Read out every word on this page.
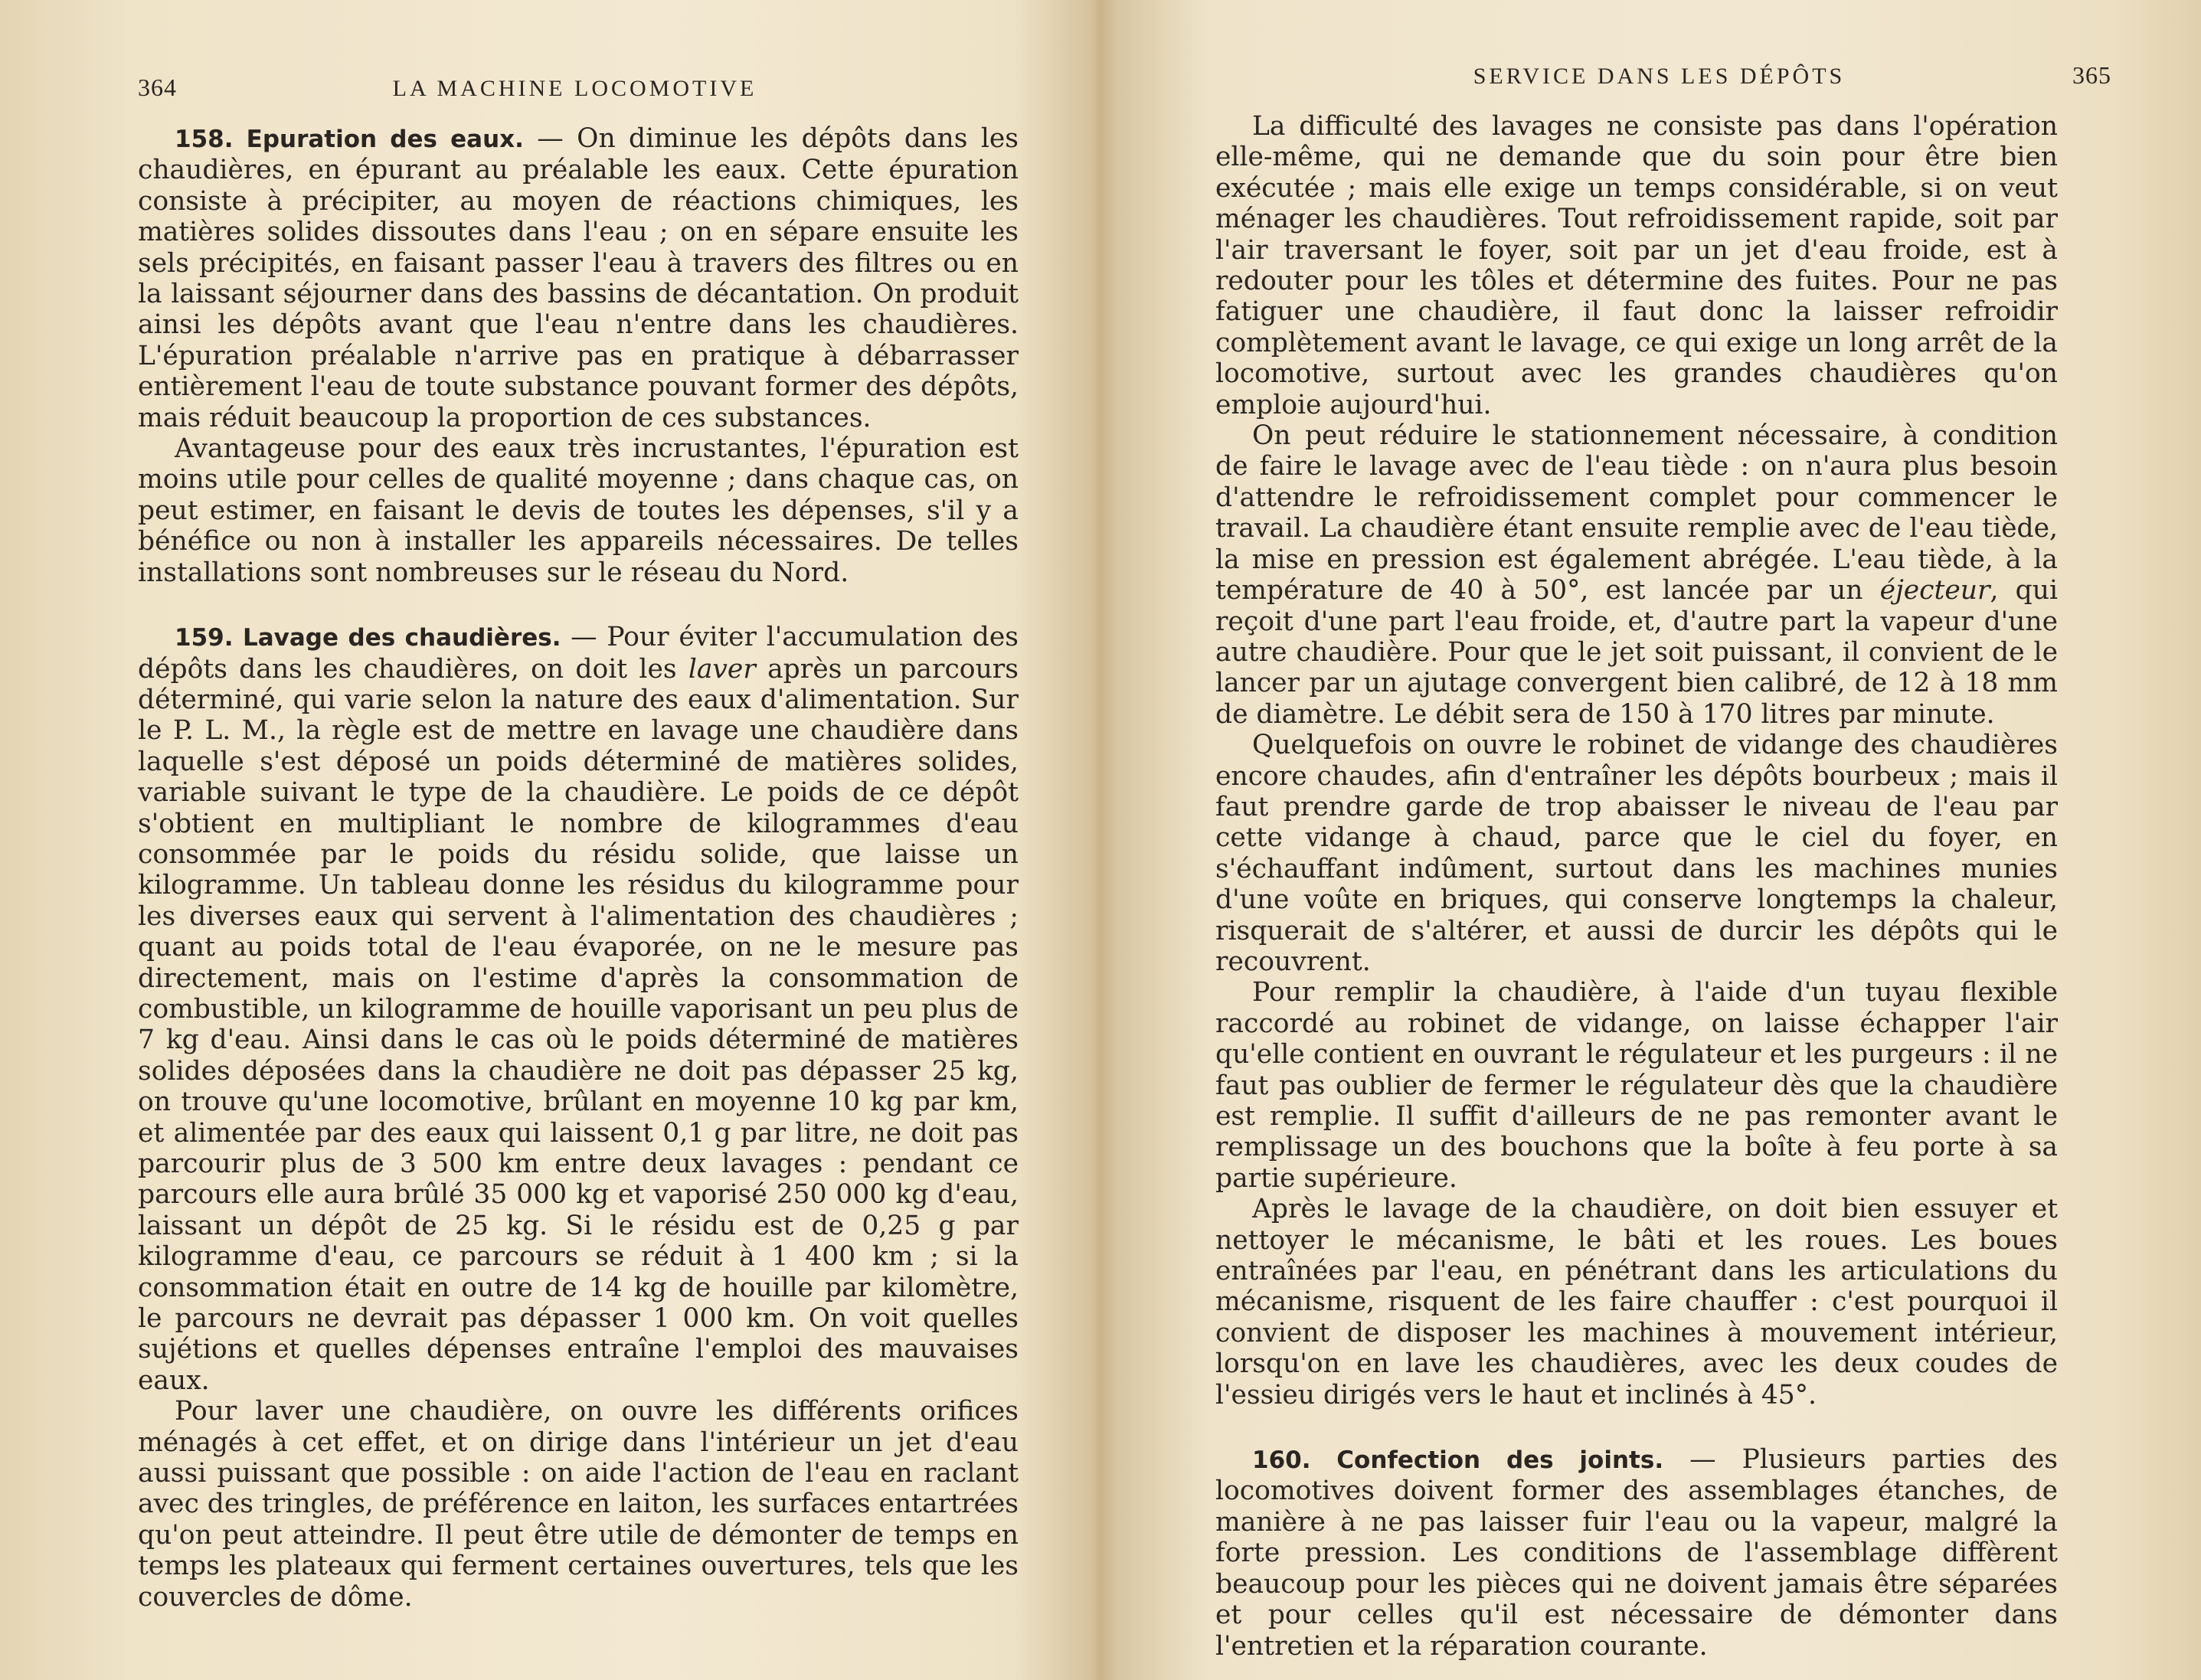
364	LA MACHINE LOCOMOTIVE

158. Epuration des eaux. — On diminue les dépôts dans les chaudières, en épurant au préalable les eaux. Cette épuration consiste à précipiter, au moyen de réactions chimiques, les matières solides dissoutes dans l'eau ; on en sépare ensuite les sels précipités, en faisant passer l'eau à travers des filtres ou en la laissant séjourner dans des bassins de décantation. On produit ainsi les dépôts avant que l'eau n'entre dans les chaudières. L'épuration préalable n'arrive pas en pratique à débarrasser entièrement l'eau de toute substance pouvant former des dépôts, mais réduit beaucoup la proportion de ces substances.

Avantageuse pour des eaux très incrustantes, l'épuration est moins utile pour celles de qualité moyenne ; dans chaque cas, on peut estimer, en faisant le devis de toutes les dépenses, s'il y a bénéfice ou non à installer les appareils nécessaires. De telles installations sont nombreuses sur le réseau du Nord.

159. Lavage des chaudières. — Pour éviter l'accumulation des dépôts dans les chaudières, on doit les laver après un parcours déterminé, qui varie selon la nature des eaux d'alimentation. Sur le P. L. M., la règle est de mettre en lavage une chaudière dans laquelle s'est déposé un poids déterminé de matières solides, variable suivant le type de la chaudière. Le poids de ce dépôt s'obtient en multipliant le nombre de kilogrammes d'eau consommée par le poids du résidu solide, que laisse un kilogramme. Un tableau donne les résidus du kilogramme pour les diverses eaux qui servent à l'alimentation des chaudières ; quant au poids total de l'eau évaporée, on ne le mesure pas directement, mais on l'estime d'après la consommation de combustible, un kilogramme de houille vaporisant un peu plus de 7 kg d'eau. Ainsi dans le cas où le poids déterminé de matières solides déposées dans la chaudière ne doit pas dépasser 25 kg, on trouve qu'une locomotive, brûlant en moyenne 10 kg par km, et alimentée par des eaux qui laissent 0,1 g par litre, ne doit pas parcourir plus de 3 500 km entre deux lavages : pendant ce parcours elle aura brûlé 35 000 kg et vaporisé 250 000 kg d'eau, laissant un dépôt de 25 kg. Si le résidu est de 0,25 g par kilogramme d'eau, ce parcours se réduit à 1 400 km ; si la consommation était en outre de 14 kg de houille par kilomètre, le parcours ne devrait pas dépasser 1 000 km. On voit quelles sujétions et quelles dépenses entraîne l'emploi des mauvaises eaux.

Pour laver une chaudière, on ouvre les différents orifices ménagés à cet effet, et on dirige dans l'intérieur un jet d'eau aussi puissant que possible : on aide l'action de l'eau en raclant avec des tringles, de préférence en laiton, les surfaces entartrées qu'on peut atteindre. Il peut être utile de démonter de temps en temps les plateaux qui ferment certaines ouvertures, tels que les couvercles de dôme.

SERVICE DANS LES DÉPÔTS	365

La difficulté des lavages ne consiste pas dans l'opération elle-même, qui ne demande que du soin pour être bien exécutée ; mais elle exige un temps considérable, si on veut ménager les chaudières. Tout refroidissement rapide, soit par l'air traversant le foyer, soit par un jet d'eau froide, est à redouter pour les tôles et détermine des fuites. Pour ne pas fatiguer une chaudière, il faut donc la laisser refroidir complètement avant le lavage, ce qui exige un long arrêt de la locomotive, surtout avec les grandes chaudières qu'on emploie aujourd'hui.

On peut réduire le stationnement nécessaire, à condition de faire le lavage avec de l'eau tiède : on n'aura plus besoin d'attendre le refroidissement complet pour commencer le travail. La chaudière étant ensuite remplie avec de l'eau tiède, la mise en pression est également abrégée. L'eau tiède, à la température de 40 à 50°, est lancée par un éjecteur, qui reçoit d'une part l'eau froide, et, d'autre part la vapeur d'une autre chaudière. Pour que le jet soit puissant, il convient de le lancer par un ajutage convergent bien calibré, de 12 à 18 mm de diamètre. Le débit sera de 150 à 170 litres par minute.

Quelquefois on ouvre le robinet de vidange des chaudières encore chaudes, afin d'entraîner les dépôts bourbeux ; mais il faut prendre garde de trop abaisser le niveau de l'eau par cette vidange à chaud, parce que le ciel du foyer, en s'échauffant indûment, surtout dans les machines munies d'une voûte en briques, qui conserve longtemps la chaleur, risquerait de s'altérer, et aussi de durcir les dépôts qui le recouvrent.

Pour remplir la chaudière, à l'aide d'un tuyau flexible raccordé au robinet de vidange, on laisse échapper l'air qu'elle contient en ouvrant le régulateur et les purgeurs : il ne faut pas oublier de fermer le régulateur dès que la chaudière est remplie. Il suffit d'ailleurs de ne pas remonter avant le remplissage un des bouchons que la boîte à feu porte à sa partie supérieure.

Après le lavage de la chaudière, on doit bien essuyer et nettoyer le mécanisme, le bâti et les roues. Les boues entraînées par l'eau, en pénétrant dans les articulations du mécanisme, risquent de les faire chauffer : c'est pourquoi il convient de disposer les machines à mouvement intérieur, lorsqu'on en lave les chaudières, avec les deux coudes de l'essieu dirigés vers le haut et inclinés à 45°.

160. Confection des joints. — Plusieurs parties des locomotives doivent former des assemblages étanches, de manière à ne pas laisser fuir l'eau ou la vapeur, malgré la forte pression. Les conditions de l'assemblage diffèrent beaucoup pour les pièces qui ne doivent jamais être séparées et pour celles qu'il est nécessaire de démonter dans l'entretien et la réparation courante.
